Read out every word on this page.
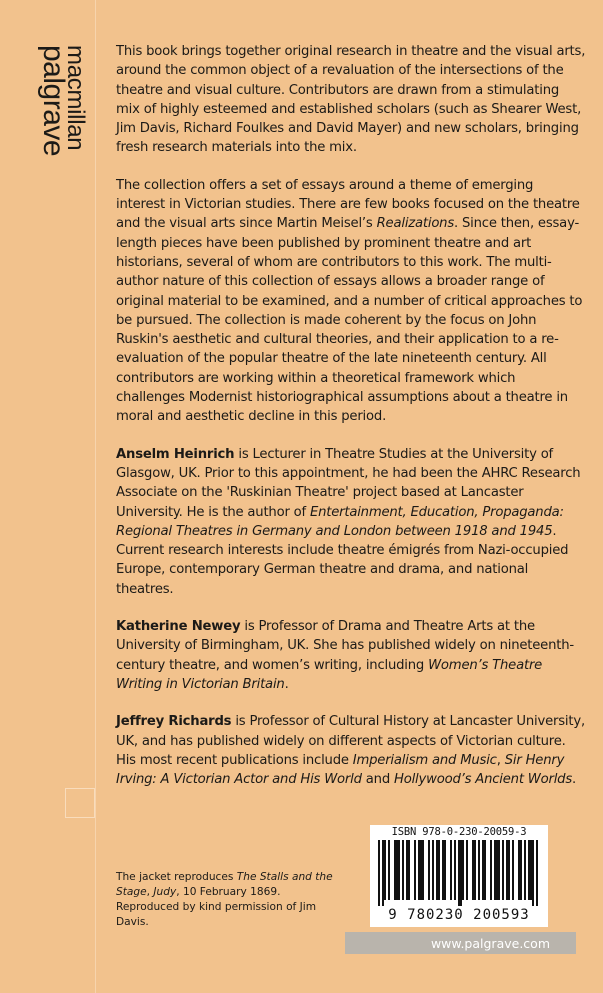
palgrave
macmillan This book brings together original research in theatre and the visual arts, around the common object of a revaluation of the intersections of the theatre and visual culture. Contributors are drawn from a stimulating mix of highly esteemed and established scholars (such as Shearer West, Jim Davis, Richard Foulkes and David Mayer) and new scholars, bringing fresh research materials into the mix.

The collection offers a set of essays around a theme of emerging interest in Victorian studies. There are few books focused on the theatre and the visual arts since Martin Meisel’s Realizations. Since then, essay-length pieces have been published by prominent theatre and art historians, several of whom are contributors to this work. The multi-author nature of this collection of essays allows a broader range of original material to be examined, and a number of critical approaches to be pursued. The collection is made coherent by the focus on John Ruskin's aesthetic and cultural theories, and their application to a re-evaluation of the popular theatre of the late nineteenth century. All contributors are working within a theoretical framework which challenges Modernist historiographical assumptions about a theatre in moral and aesthetic decline in this period.

Anselm Heinrich is Lecturer in Theatre Studies at the University of Glasgow, UK. Prior to this appointment, he had been the AHRC Research Associate on the 'Ruskinian Theatre' project based at Lancaster University. He is the author of Entertainment, Education, Propaganda: Regional Theatres in Germany and London between 1918 and 1945. Current research interests include theatre émigrés from Nazi-occupied Europe, contemporary German theatre and drama, and national theatres.

Katherine Newey is Professor of Drama and Theatre Arts at the University of Birmingham, UK. She has published widely on nineteenth-century theatre, and women’s writing, including Women’s Theatre Writing in Victorian Britain.

Jeffrey Richards is Professor of Cultural History at Lancaster University, UK, and has published widely on different aspects of Victorian culture. His most recent publications include Imperialism and Music, Sir Henry Irving: A Victorian Actor and His World and Hollywood’s Ancient Worlds.

The jacket reproduces The Stalls and the Stage, Judy, 10 February 1869. Reproduced by kind permission of Jim Davis.
ISBN 978-0-230-20059-3
9 780230 200593
www.palgrave.com
